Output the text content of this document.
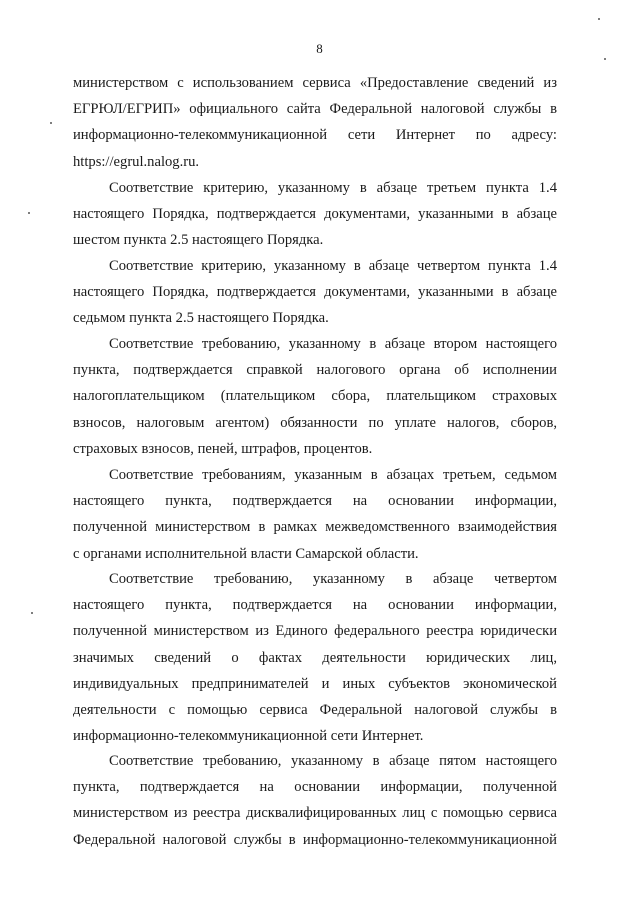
8

министерством с использованием сервиса «Предоставление сведений из
ЕГРЮЛ/ЕГРИП» официального сайта Федеральной налоговой службы в
информационно-телекоммуникационной сети Интернет по адресу:
https://egrul.nalog.ru.

Соответствие критерию, указанному в абзаце третьем пункта 1.4
настоящего Порядка, подтверждается документами, указанными в абзаце
шестом пункта 2.5 настоящего Порядка.

Соответствие критерию, указанному в абзаце четвертом пункта 1.4
настоящего Порядка, подтверждается документами, указанными в абзаце
седьмом пункта 2.5 настоящего Порядка.

Соответствие требованию, указанному в абзаце втором настоящего
пункта, подтверждается справкой налогового органа об исполнении
налогоплательщиком (плательщиком сбора, плательщиком страховых
взносов, налоговым агентом) обязанности по уплате налогов, сборов,
страховых взносов, пеней, штрафов, процентов.

Соответствие требованиям, указанным в абзацах третьем, седьмом
настоящего пункта, подтверждается на основании информации,
полученной министерством в рамках межведомственного взаимодействия
с органами исполнительной власти Самарской области.

Соответствие требованию, указанному в абзаце четвертом
настоящего пункта, подтверждается на основании информации,
полученной министерством из Единого федерального реестра юридически
значимых сведений о фактах деятельности юридических лиц,
индивидуальных предпринимателей и иных субъектов экономической
деятельности с помощью сервиса Федеральной налоговой службы в
информационно-телекоммуникационной сети Интернет.

Соответствие требованию, указанному в абзаце пятом настоящего
пункта, подтверждается на основании информации, полученной
министерством из реестра дисквалифицированных лиц с помощью сервиса
Федеральной налоговой службы в информационно-телекоммуникационной
